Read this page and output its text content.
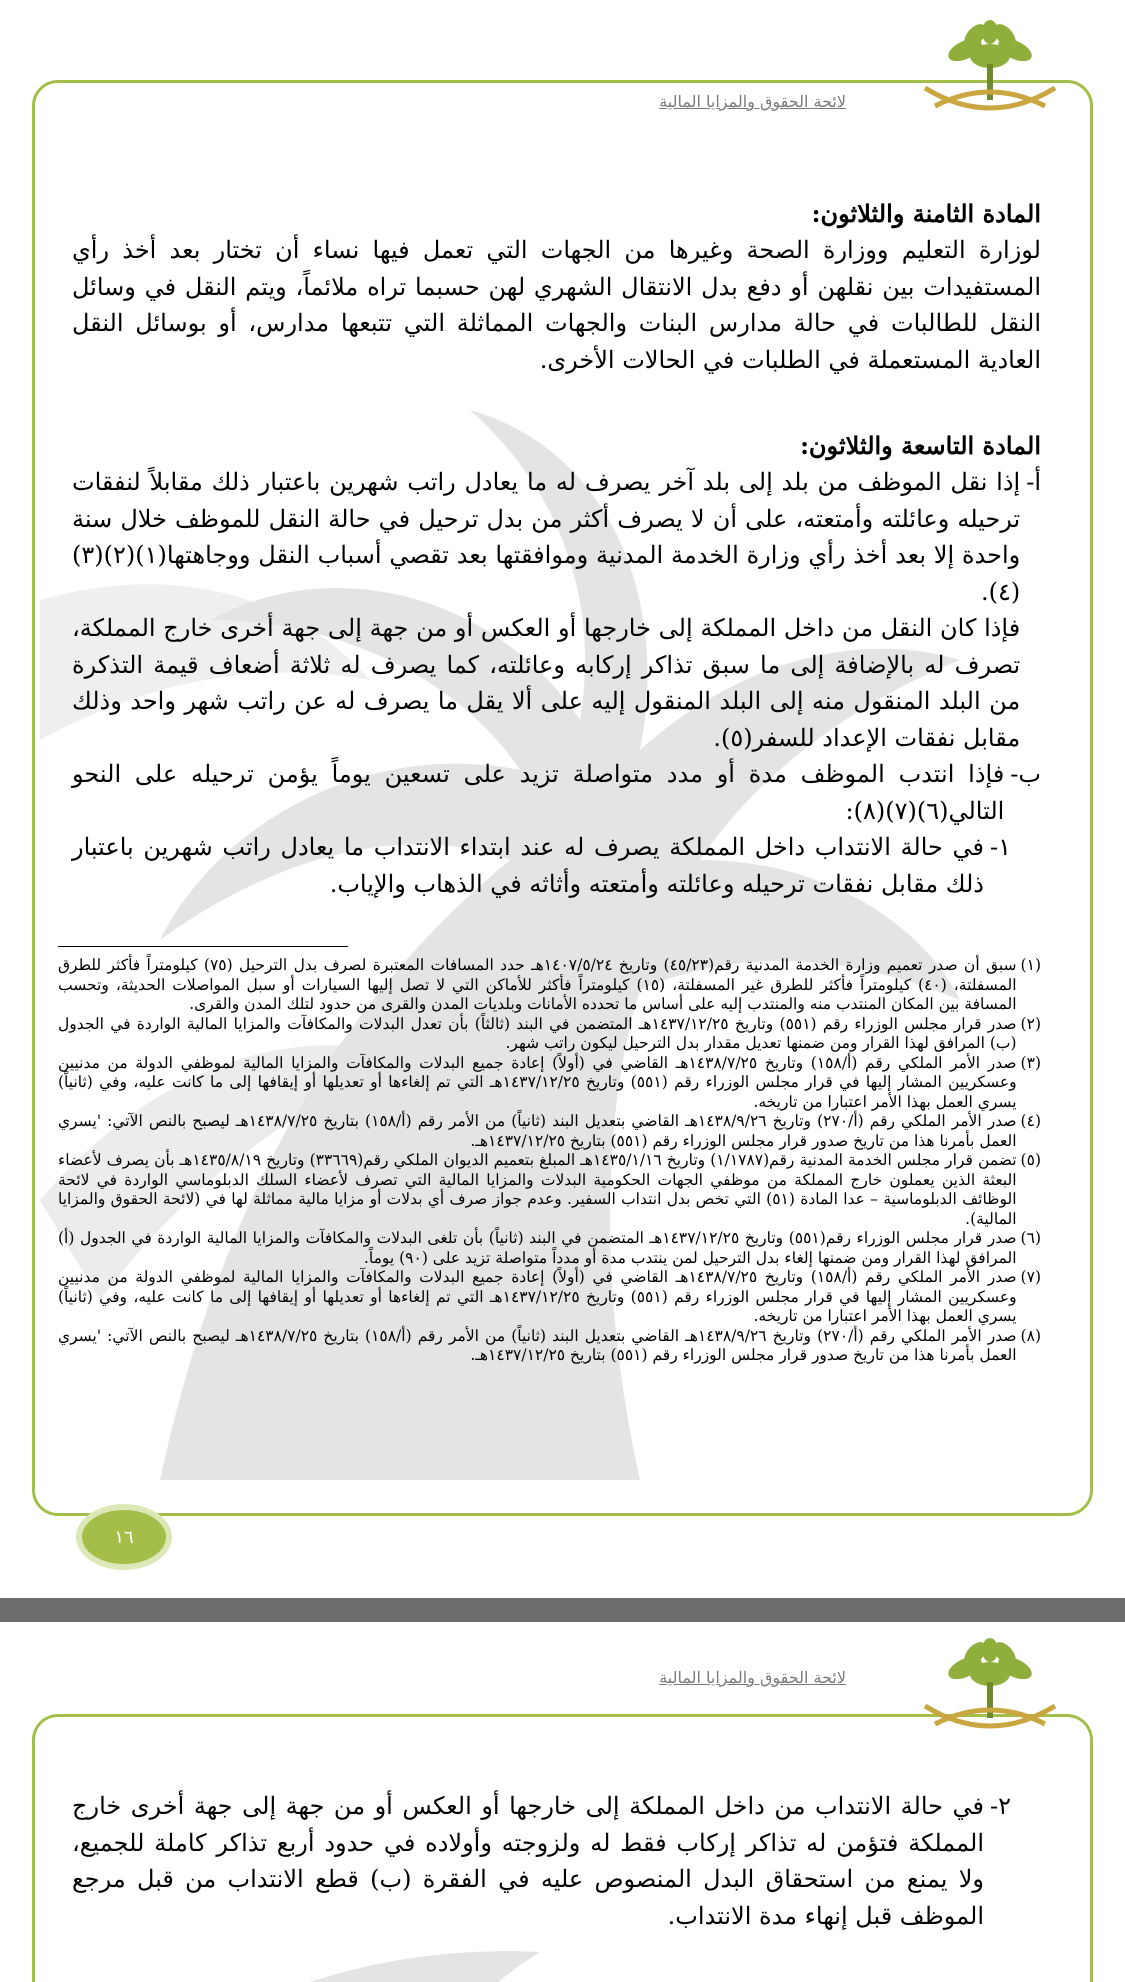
لائحة الحقوق والمزايا المالية

المادة الثامنة والثلاثون:

لوزارة التعليم ووزارة الصحة وغيرها من الجهات التي تعمل فيها نساء أن تختار بعد أخذ رأي المستفيدات بين نقلهن أو دفع بدل الانتقال الشهري لهن حسبما تراه ملائماً، ويتم النقل في وسائل النقل للطالبات في حالة مدارس البنات والجهات المماثلة التي تتبعها مدارس، أو بوسائل النقل العادية المستعملة في الطلبات في الحالات الأخرى.

المادة التاسعة والثلاثون:

أ-
إذا نقل الموظف من بلد إلى بلد آخر يصرف له ما يعادل راتب شهرين باعتبار ذلك مقابلاً لنفقات ترحيله وعائلته وأمتعته، على أن لا يصرف أكثر من بدل ترحيل في حالة النقل للموظف خلال سنة واحدة إلا بعد أخذ رأي وزارة الخدمة المدنية وموافقتها بعد تقصي أسباب النقل ووجاهتها(١)(٢)(٣)(٤).
فإذا كان النقل من داخل المملكة إلى خارجها أو العكس أو من جهة إلى جهة أخرى خارج المملكة، تصرف له بالإضافة إلى ما سبق تذاكر إركابه وعائلته، كما يصرف له ثلاثة أضعاف قيمة التذكرة من البلد المنقول منه إلى البلد المنقول إليه على ألا يقل ما يصرف له عن راتب شهر واحد وذلك مقابل نفقات الإعداد للسفر(٥).
ب-
فإذا انتدب الموظف مدة أو مدد متواصلة تزيد على تسعين يوماً يؤمن ترحيله على النحو التالي(٦)(٧)(٨):
١-
في حالة الانتداب داخل المملكة يصرف له عند ابتداء الانتداب ما يعادل راتب شهرين باعتبار ذلك مقابل نفقات ترحيله وعائلته وأمتعته وأثاثه في الذهاب والإياب.
(١)
سبق أن صدر تعميم وزارة الخدمة المدنية رقم(٤٥/٢٣) وتاريخ ١٤٠٧/٥/٢٤هـ حدد المسافات المعتبرة لصرف بدل الترحيل (٧٥) كيلومتراً فأكثر للطرق المسفلتة، (٤٠) كيلومتراً فأكثر للطرق غير المسفلتة، (١٥) كيلومتراً فأكثر للأماكن التي لا تصل إليها السيارات أو سبل المواصلات الحديثة، وتحسب المسافة بين المكان المنتدب منه والمنتدب إليه على أساس ما تحدده الأمانات وبلديات المدن والقرى من حدود لتلك المدن والقرى.
(٢)
صدر قرار مجلس الوزراء رقم (٥٥١) وتاريخ ١٤٣٧/١٢/٢٥هـ المتضمن في البند (ثالثاً) بأن تعدل البدلات والمكافآت والمزايا المالية الواردة في الجدول (ب) المرافق لهذا القرار ومن ضمنها تعديل مقدار بدل الترحيل ليكون راتب شهر.
(٣)
صدر الأمر الملكي رقم (أ/١٥٨) وتاريخ ١٤٣٨/٧/٢٥هـ القاضي في (أولاً) إعادة جميع البدلات والمكافآت والمزايا المالية لموظفي الدولة من مدنيين وعسكريين المشار إليها في قرار مجلس الوزراء رقم (٥٥١) وتاريخ ١٤٣٧/١٢/٢٥هـ التي تم إلغاءها أو تعديلها أو إيقافها إلى ما كانت عليه، وفي (ثانياً) يسري العمل بهذا الأمر اعتبارا من تاريخه.
(٤)
صدر الأمر الملكي رقم (أ/٢٧٠) وتاريخ ١٤٣٨/٩/٢٦هـ القاضي بتعديل البند (ثانياً) من الأمر رقم (أ/١٥٨) بتاريخ ١٤٣٨/٧/٢٥هـ ليصبح بالنص الآتي: 'يسري العمل بأمرنا هذا من تاريخ صدور قرار مجلس الوزراء رقم (٥٥١) بتاريخ ١٤٣٧/١٢/٢٥هـ.
(٥)
تضمن قرار مجلس الخدمة المدنية رقم(١/١٧٨٧) وتاريخ ١٤٣٥/١/١٦هـ المبلغ بتعميم الديوان الملكي رقم(٣٣٦٦٩) وتاريخ ١٤٣٥/٨/١٩هـ بأن يصرف لأعضاء البعثة الذين يعملون خارج المملكة من موظفي الجهات الحكومية البدلات والمزايا المالية التي تصرف لأعضاء السلك الدبلوماسي الواردة في لائحة الوظائف الدبلوماسية – عدا المادة (٥١) التي تخص بدل انتداب السفير. وعدم جواز صرف أي بدلات أو مزايا مالية مماثلة لها في (لائحة الحقوق والمزايا المالية).
(٦)
صدر قرار مجلس الوزراء رقم(٥٥١) وتاريخ ١٤٣٧/١٢/٢٥هـ المتضمن في البند (ثانياً) بأن تلغى البدلات والمكافآت والمزايا المالية الواردة في الجدول (أ) المرافق لهذا القرار ومن ضمنها إلغاء بدل الترحيل لمن ينتدب مدة أو مدداً متواصلة تزيد على (٩٠) يوماً.
(٧)
صدر الأمر الملكي رقم (أ/١٥٨) وتاريخ ١٤٣٨/٧/٢٥هـ القاضي في (أولاً) إعادة جميع البدلات والمكافآت والمزايا المالية لموظفي الدولة من مدنيين وعسكريين المشار إليها في قرار مجلس الوزراء رقم (٥٥١) وتاريخ ١٤٣٧/١٢/٢٥هـ التي تم إلغاءها أو تعديلها أو إيقافها إلى ما كانت عليه، وفي (ثانياً) يسري العمل بهذا الأمر اعتبارا من تاريخه.
(٨)
صدر الأمر الملكي رقم (أ/٢٧٠) وتاريخ ١٤٣٨/٩/٢٦هـ القاضي بتعديل البند (ثانياً) من الأمر رقم (أ/١٥٨) بتاريخ ١٤٣٨/٧/٢٥هـ ليصبح بالنص الآتي: 'يسري العمل بأمرنا هذا من تاريخ صدور قرار مجلس الوزراء رقم (٥٥١) بتاريخ ١٤٣٧/١٢/٢٥هـ.
١٦
لائحة الحقوق والمزايا المالية
٢-
في حالة الانتداب من داخل المملكة إلى خارجها أو العكس أو من جهة إلى جهة أخرى خارج المملكة فتؤمن له تذاكر إركاب فقط له ولزوجته وأولاده في حدود أربع تذاكر كاملة للجميع، ولا يمنع من استحقاق البدل المنصوص عليه في الفقرة (ب) قطع الانتداب من قبل مرجع الموظف قبل إنهاء مدة الانتداب.
